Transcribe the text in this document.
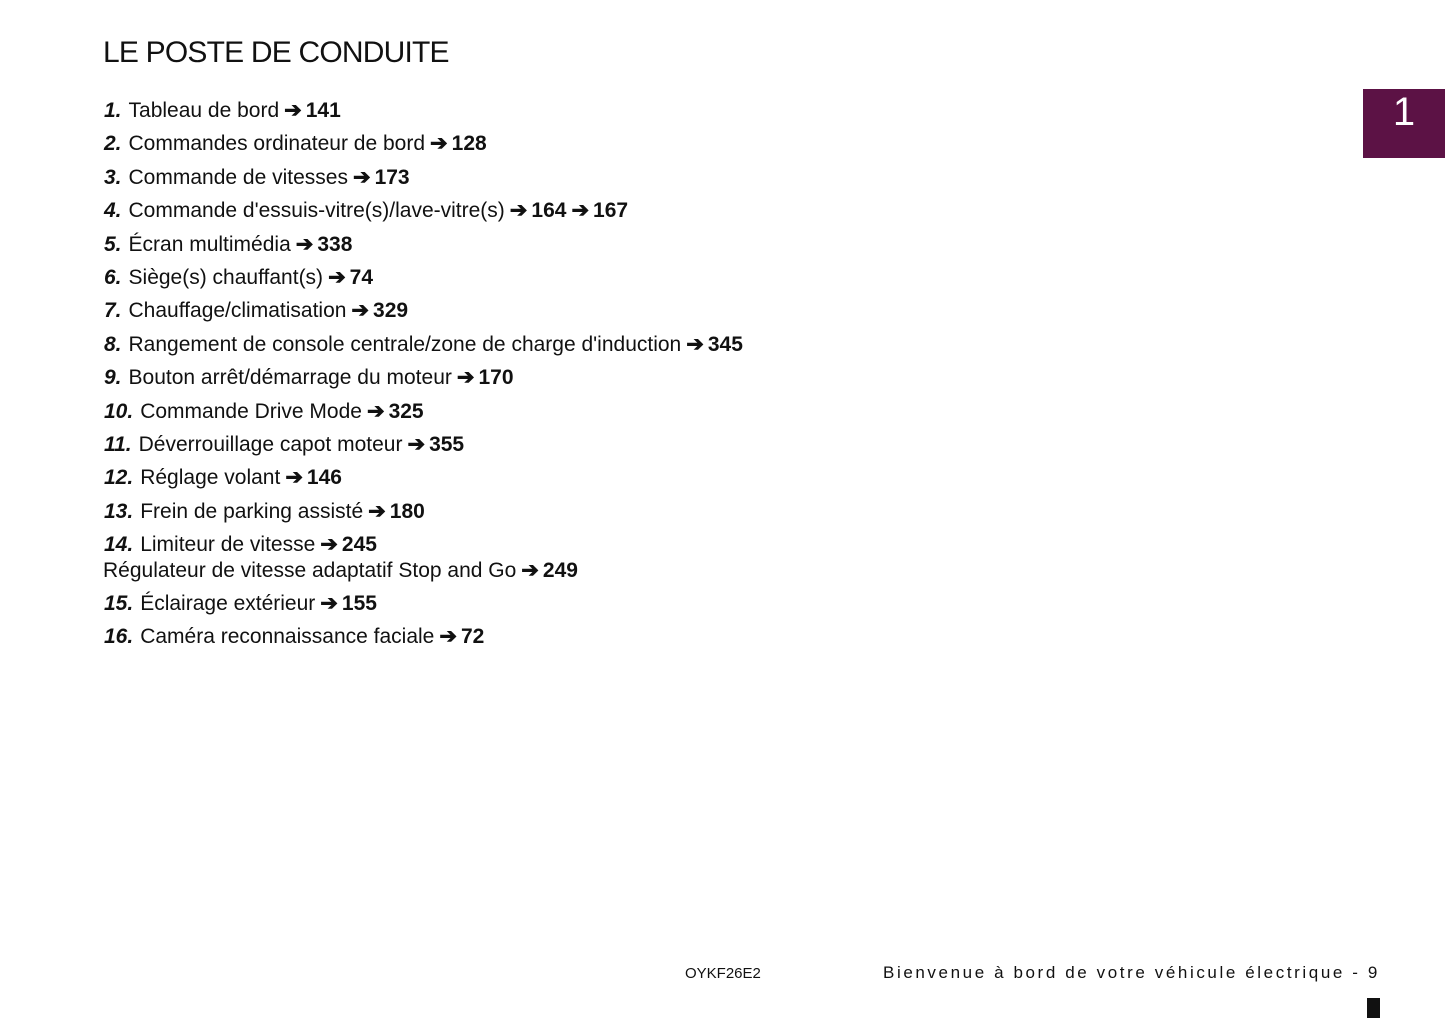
LE POSTE DE CONDUITE
1
1. Tableau de bord ➔ 141
2. Commandes ordinateur de bord ➔ 128
3. Commande de vitesses ➔ 173
4. Commande d'essuis-vitre(s)/lave-vitre(s) ➔ 164 ➔ 167
5. Écran multimédia ➔ 338
6. Siège(s) chauffant(s) ➔ 74
7. Chauffage/climatisation ➔ 329
8. Rangement de console centrale/zone de charge d'induction ➔ 345
9. Bouton arrêt/démarrage du moteur ➔ 170
10. Commande Drive Mode ➔ 325
11. Déverrouillage capot moteur ➔ 355
12. Réglage volant ➔ 146
13. Frein de parking assisté ➔ 180
14. Limiteur de vitesse ➔ 245
Régulateur de vitesse adaptatif Stop and Go ➔ 249
15. Éclairage extérieur ➔ 155
16. Caméra reconnaissance faciale ➔ 72
OYKF26E2	Bienvenue à bord de votre véhicule électrique - 9
